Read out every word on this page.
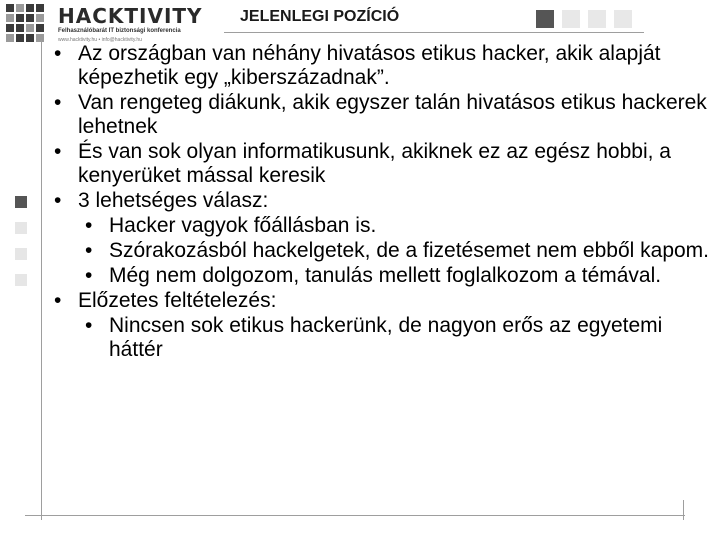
HACKTIVITY
Felhasználóbarát IT biztonsági konferencia
www.hacktivity.hu • info@hacktivity.hu
JELENLEGI POZÍCIÓ
• Az országban van néhány hivatásos etikus hacker, akik alapját képezhetik egy „kiberszázadnak”.
• Van rengeteg diákunk, akik egyszer talán hivatásos etikus hackerek lehetnek
• És van sok olyan informatikusunk, akiknek ez az egész hobbi, a kenyerüket mással keresik
• 3 lehetséges válasz:
• Hacker vagyok főállásban is.
• Szórakozásból hackelgetek, de a fizetésemet nem ebből kapom.
• Még nem dolgozom, tanulás mellett foglalkozom a témával.
• Előzetes feltételezés:
• Nincsen sok etikus hackerünk, de nagyon erős az egyetemi háttér
